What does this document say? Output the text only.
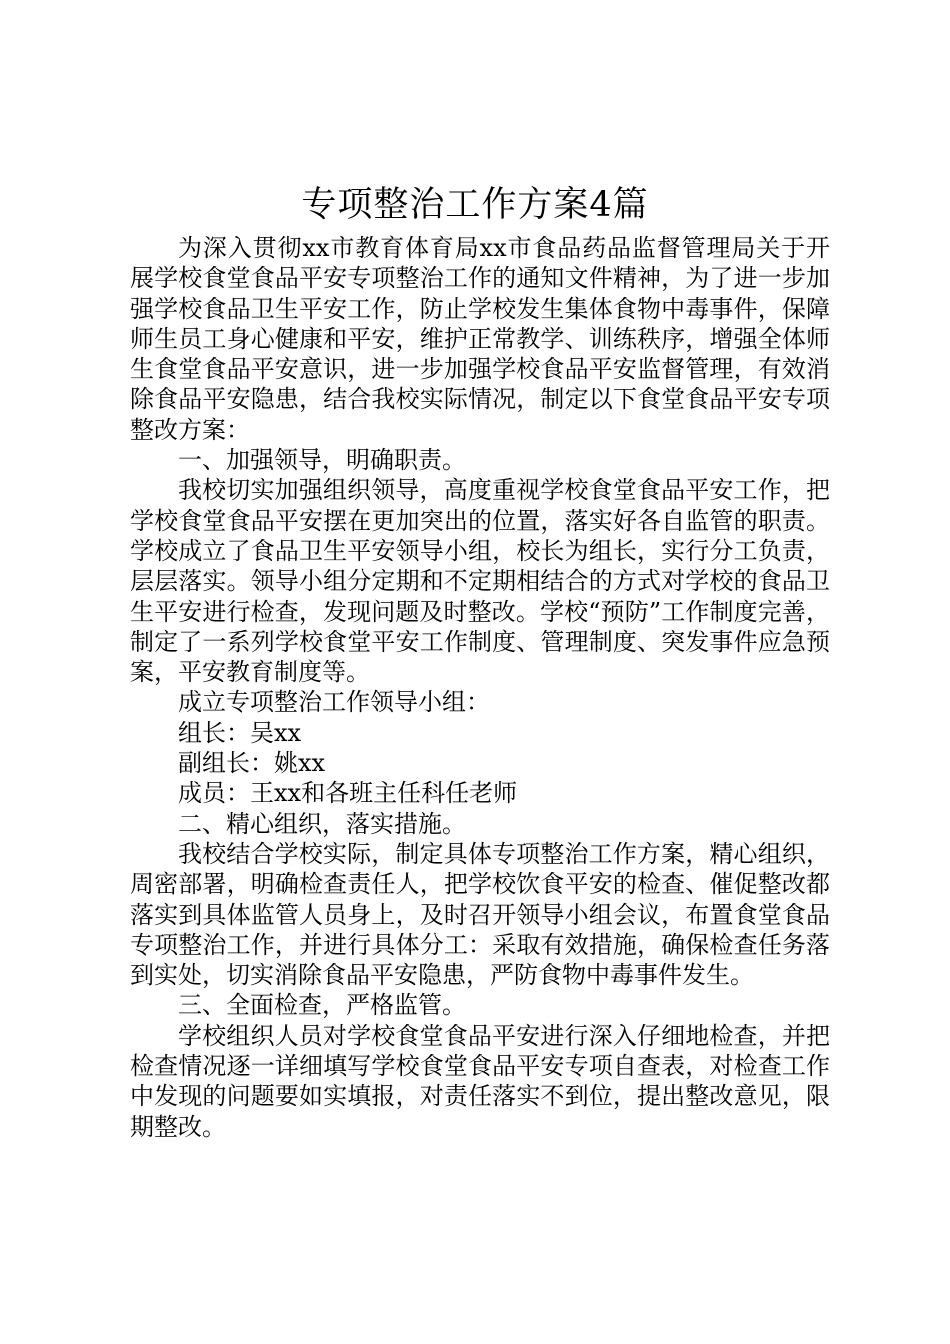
专项整治工作方案4篇

为深入贯彻xx市教育体育局xx市食品药品监督管理局关于开展学校食堂食品平安专项整治工作的通知文件精神，为了进一步加强学校食品卫生平安工作，防止学校发生集体食物中毒事件，保障师生员工身心健康和平安，维护正常教学、训练秩序，增强全体师生食堂食品平安意识，进一步加强学校食品平安监督管理，有效消除食品平安隐患，结合我校实际情况，制定以下食堂食品平安专项整改方案：

一、加强领导，明确职责。

我校切实加强组织领导，高度重视学校食堂食品平安工作，把学校食堂食品平安摆在更加突出的位置，落实好各自监管的职责。学校成立了食品卫生平安领导小组，校长为组长，实行分工负责，层层落实。领导小组分定期和不定期相结合的方式对学校的食品卫生平安进行检查，发现问题及时整改。学校“预防”工作制度完善，制定了一系列学校食堂平安工作制度、管理制度、突发事件应急预案，平安教育制度等。

成立专项整治工作领导小组：

组长：吴xx

副组长：姚xx

成员：王xx和各班主任科任老师

二、精心组织，落实措施。

我校结合学校实际，制定具体专项整治工作方案，精心组织，周密部署，明确检查责任人，把学校饮食平安的检查、催促整改都落实到具体监管人员身上，及时召开领导小组会议，布置食堂食品专项整治工作，并进行具体分工：采取有效措施，确保检查任务落到实处，切实消除食品平安隐患，严防食物中毒事件发生。

三、全面检查，严格监管。

学校组织人员对学校食堂食品平安进行深入仔细地检查，并把检查情况逐一详细填写学校食堂食品平安专项自查表，对检查工作中发现的问题要如实填报，对责任落实不到位，提出整改意见，限期整改。
